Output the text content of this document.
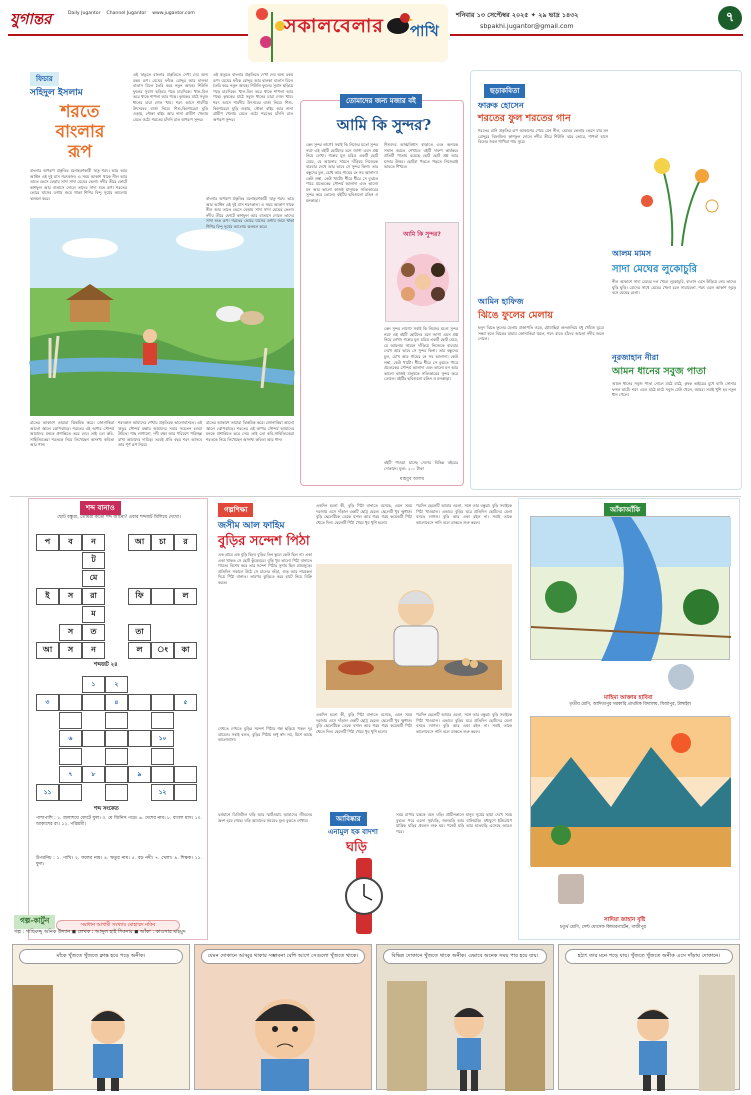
যুগান্তর	Daily Jugantor Channel Jugantor www.jugantor.com
সকালবেলার পাখি
শনিবার ১৩ সেপ্টেম্বর ২০২৫ ✦ ২৯ ভাদ্র ১৪৩২
sbpakhi.jugantor@gmail.com
৭
ফিচার
সহিদুল ইসলাম
শরতে
বাংলার
রূপ
বাংলার অপরূপ প্রকৃতির মনোহরণকারী ঋতু শরৎ। ভাদ্র আর আশ্বিন এই দুই মাস শরৎকাল। এ সময় আকাশ থাকে নীল আর তাতে ভেসে বেড়ায় সাদা সাদা মেঘের ভেলা। নদীর তীরে ফোটে কাশফুল আর বাতাসে দোলে তাদের সাদা শুভ্র রূপ। শরতের ভোরে ঘাসের ডগায় জমে থাকা শিশির বিন্দু সূর্যের আলোয় ঝলমল করে।
এই ঋতুতে বাংলার প্রকৃতিতে দেখা দেয় অন্য রকম রূপ। মেঘের ফাঁকে রোদ্দুর আর হালকা বাতাস মিলে তৈরি করে নতুন আবহ। শিউলি ফুলের সুবাস ছড়িয়ে পড়ে চারদিকে। খাল-বিল ভরে থাকে শাপলা আর পদ্মে। কৃষকের মাঠে সবুজ ধানের চারা দোল খায়। শরৎ আসে শারদীয় উৎসবের বার্তা নিয়ে। শিশু-কিশোরেরা ঘুড়ি ওড়ায়, নৌকা বাইচ আর নানা গ্রামীণ খেলায় মেতে ওঠে। শরতের চাঁদনি রাত অপরূপ সুন্দর।
এই ঋতুতে বাংলার প্রকৃতিতে দেখা দেয় অন্য রকম রূপ। মেঘের ফাঁকে রোদ্দুর আর হালকা বাতাস মিলে তৈরি করে নতুন আবহ। শিউলি ফুলের সুবাস ছড়িয়ে পড়ে চারদিকে। খাল-বিল ভরে থাকে শাপলা আর পদ্মে। কৃষকের মাঠে সবুজ ধানের চারা দোল খায়। শরৎ আসে শারদীয় উৎসবের বার্তা নিয়ে। শিশু-কিশোরেরা ঘুড়ি ওড়ায়, নৌকা বাইচ আর নানা গ্রামীণ খেলায় মেতে ওঠে। শরতের চাঁদনি রাত অপরূপ সুন্দর।
রাতের আকাশে তারারা ঝিকমিক করে। জোনাকিরা আলো জ্বালে ঝোপঝাড়ে। শরতের এই অপার সৌন্দর্য আমাদের মনকে প্রশান্তিতে ভরে দেয়। তাই তো কবি-সাহিত্যিকেরা শরতকে নিয়ে লিখেছেন অসংখ্য কবিতা আর গান।
শরৎকাল আমাদের শেখায় প্রকৃতিকে ভালোবাসতে। এই ঋতুর সৌন্দর্য রক্ষায় আমাদের সবার সচেতন হওয়া উচিত। গাছ লাগানো, নদী রক্ষা আর পরিবেশ পরিচ্ছন্ন রাখা আমাদের দায়িত্ব। তবেই প্রতি বছর শরৎ আসবে তার পূর্ণ রূপ নিয়ে।
বাংলার অপরূপ প্রকৃতির মনোহরণকারী ঋতু শরৎ। ভাদ্র আর আশ্বিন এই দুই মাস শরৎকাল। এ সময় আকাশ থাকে নীল আর তাতে ভেসে বেড়ায় সাদা সাদা মেঘের ভেলা। নদীর তীরে ফোটে কাশফুল আর বাতাসে দোলে তাদের সাদা শুভ্র রূপ। শরতের ভোরে ঘাসের ডগায় জমে থাকা শিশির বিন্দু সূর্যের আলোয় ঝলমল করে।
রাতের আকাশে তারারা ঝিকমিক করে। জোনাকিরা আলো জ্বালে ঝোপঝাড়ে। শরতের এই অপার সৌন্দর্য আমাদের মনকে প্রশান্তিতে ভরে দেয়। তাই তো কবি-সাহিত্যিকেরা শরতকে নিয়ে লিখেছেন অসংখ্য কবিতা আর গান।
তোমাদের জন্য মজার বই
আমি কি সুন্দর?
কেন সুন্দর লাগে? সবাই কি নিজের মতো সুন্দর নয়? এই বইটি ছোটদের মনে জাগা এমন প্রশ্ন নিয়ে লেখা। গল্পের মূল চরিত্র একটি ছোট মেয়ে, যে আয়নার সামনে দাঁড়িয়ে নিজেকে বারবার দেখে আর ভাবে সে সুন্দর কিনা। তার বন্ধুদের চুল, চোখ আর গায়ের রং সব আলাদা। কেউ লম্বা, কেউ খাটো। ধীরে ধীরে সে বুঝতে পারে প্রত্যেকের সৌন্দর্য আলাদা এবং ভালো মন আর ভালো কাজই মানুষকে সত্যিকারের সুন্দর করে তোলে। বইটির ছবিগুলো রঙিন ও মনকাড়া।
শিশুদের আত্মবিশ্বাস বাড়াতে এবং অন্যকে সম্মান করতে শেখাতে বইটি দারুণ কার্যকর। প্রতিটি পাতায় রয়েছে ছোট ছোট প্রশ্ন আর মজার উত্তর। ছোটরা পড়তে পড়তে নিজেরাই ভাবতে শিখবে।
আমি কি সুন্দর?
কেন সুন্দর লাগে? সবাই কি নিজের মতো সুন্দর নয়? এই বইটি ছোটদের মনে জাগা এমন প্রশ্ন নিয়ে লেখা। গল্পের মূল চরিত্র একটি ছোট মেয়ে, যে আয়নার সামনে দাঁড়িয়ে নিজেকে বারবার দেখে আর ভাবে সে সুন্দর কিনা। তার বন্ধুদের চুল, চোখ আর গায়ের রং সব আলাদা। কেউ লম্বা, কেউ খাটো। ধীরে ধীরে সে বুঝতে পারে প্রত্যেকের সৌন্দর্য আলাদা এবং ভালো মন আর ভালো কাজই মানুষকে সত্যিকারের সুন্দর করে তোলে। বইটির ছবিগুলো রঙিন ও মনকাড়া।
বইটি পাওয়া যাচ্ছে দেশের বিভিন্ন বইয়ের দোকানে। মূল্য: ২০০ টাকা
মাহবুব আলম
ছড়াকবিতা
ফারুক হোসেন
শরতের ফুল শরতের গান
শরতের রানি প্রকৃতির রূপ আকাশের পেয়ে যেন নীল, মেঘের ভেলায় ভেসে যায় মন রোদ্দুরে ঝিলমিল। কাশফুল দোলে নদীর তীরে শিউলি ঝরে ভোরে, শাপলা হাসে বিলের জলে পাখিরা গায় সুরে।
আমিন হাফিজ
ঝিঙে ফুলের মেলায়
হলুদ ঝিঙে ফুলের মেলায় প্রজাপতি ওড়ে, মৌমাছিরা গুনগুনিয়ে মধু খোঁজে ঘুরে। সন্ধ্যা হলে ঝিঙের মাচায় জোনাকিরা জ্বলে, শরৎ রাতে চাঁদের আলো নদীর জলে দোলে।
আলম মামস
সাদা মেঘের লুকোচুরি
নীল আকাশে সাদা মেঘের দল খেলে লুকোচুরি, বাতাস এসে উড়িয়ে নেয় তাদের ঘুড়ি ঘুড়ি। রোদের সাথে মেঘের খেলা চলে সারাবেলা, শরৎ এলে আকাশ জুড়ে বসে মেঘের মেলা।
নূরজাহান নীরা
আমন ধানের সবুজ পাতা
আমন ধানের সবুজ পাতা দোলে মাঠে মাঠে, কৃষক ভাইয়ের মুখে হাসি সোনার ফসল ঘাটে। শরৎ এলে মাঠে মাঠে সবুজ ঢেউ খেলে, আমরা সবাই খুশি হব নতুন ধান পেলে।
শব্দ বানাও
ছোট বন্ধুরা, তোমরা কতো শব্দ জানো? এবার শব্দজট মিলিয়ে দেখো।
প	ব	ন	আ	চা	র
ট
মে
ই	স	রা	ফি	ল
ম
স	ত	তা
আ	স	ন	ল	ং	কা
শব্দজট ২৪
১	২
৩	৪	৫
৬	১০
৭	৮	৯
১১	১২
শব্দ সংকেত
পাশাপাশি : ১. জলাশয়ে ফোটে ফুল। ৩. যে জিনিস পড়ে। ৬. দেশের নাম। ৮. বাংলা মাস। ১০. আকাশের রং। ১২. পরিশ্রমী।
উপরনিচ : ১. পাখি। ২. ফলের নাম। ৪. ঋতুর নাম। ৫. বড় নদী। ৭. খেলা। ৯. শিক্ষক। ১১. ফুল।
সমাধান আগামী সংখ্যায় মোহাম্মদ নকিব
গল্পশিক্ষা
জসীম আল ফাহিম
বুড়ির সন্দেশ পিঠা
এক গ্রামে এক বুড়ি ছিল। বুড়ির তিন কুলে কেউ ছিল না। একা একা থাকত সে ছোট কুঁড়েঘরে। বুড়ি খুব ভালো পিঠা বানাতে পারত। বিশেষ করে তার সন্দেশ পিঠার সুনাম ছিল গ্রামজুড়ে। প্রতিদিন সকালে উঠে সে চালের গুঁড়া, গুড় আর নারকেল দিয়ে পিঠা বানাত। তারপর ঝুড়িতে করে হাটে নিয়ে বিক্রি করত।
একদিন হলো কী, বুড়ি পিঠা বানাতে বসেছে, এমন সময় দরজায় এসে দাঁড়াল একটি ছোট্ট ছেলে। ছেলেটি খুব ক্ষুধার্ত। বুড়ি ছেলেটিকে ডেকে বসাল আর গরম গরম কয়েকটি পিঠা খেতে দিল। ছেলেটি পিঠা খেয়ে খুব খুশি হলো।
পরদিন ছেলেটি আবার এলো, সঙ্গে তার বন্ধুরা। বুড়ি সবাইকে পিঠা খাওয়াল। এভাবে বুড়ির ঘরে প্রতিদিন ছোটদের মেলা বসতে লাগল। বুড়ি আর একা রইল না। সবাই তাকে ভালোবেসে নানি বলে ডাকতে শুরু করল।
দেখতে দেখতে বুড়ির সন্দেশ পিঠার গল্প ছড়িয়ে পড়ল দূর গ্রামেও। সবাই বলত, বুড়ির পিঠায় শুধু স্বাদ নয়, মিশে আছে ভালোবাসা।
একদিন হলো কী, বুড়ি পিঠা বানাতে বসেছে, এমন সময় দরজায় এসে দাঁড়াল একটি ছোট্ট ছেলে। ছেলেটি খুব ক্ষুধার্ত। বুড়ি ছেলেটিকে ডেকে বসাল আর গরম গরম কয়েকটি পিঠা খেতে দিল। ছেলেটি পিঠা খেয়ে খুব খুশি হলো।
পরদিন ছেলেটি আবার এলো, সঙ্গে তার বন্ধুরা। বুড়ি সবাইকে পিঠা খাওয়াল। এভাবে বুড়ির ঘরে প্রতিদিন ছোটদের মেলা বসতে লাগল। বুড়ি আর একা রইল না। সবাই তাকে ভালোবেসে নানি বলে ডাকতে শুরু করল।
বর্তমানে ডিজিটাল ঘড়ি আর স্মার্টওয়াচ আমাদের জীবনের অংশ হয়ে গেছে। ঘড়ি আমাদের সময়ের মূল্য বুঝতে শেখায়।	আবিষ্কার
এনামুল হক বাদশা
ঘড়ি
সময় মাপার যন্ত্রকে বলে ঘড়ি। প্রাচীনকালে মানুষ সূর্যের ছায়া দেখে সময় বুঝত। পরে এলো সূর্যঘড়ি, জলঘড়ি আর বালিঘড়ি। মধ্যযুগে ইউরোপে যান্ত্রিক ঘড়ির প্রচলন শুরু হয়। পকেট ঘড়ি আর হাতঘড়ি এসেছে আরও পরে।
আঁকাআঁকি
মাহিমা আক্তার হাবিবা
তৃতীয় শ্রেণি, আদিত্যপুর সরকারি প্রাথমিক বিদ্যালয়, মির্জাপুর, টাঙ্গাইল
সাদিয়া জাহান বৃষ্টি
চতুর্থ শ্রেণি, সেন্ট যোসেফ কিন্ডারগার্টেন, গাজীপুর
গল্প-কার্টুন
গল্প : গাছিরুদ্দু অনিক উদ্যান ◼ লেখক : আব্দুল হাই শিকদার ◼ আঁকা : কাওসার মাহমুদ
মাঁকে খুঁজতে খুঁজতে ক্লান্ত হয়ে পড়ে অনীক।	যেমন দোকানে আব্বুর থাকার সম্ভাবনা বেশি আগে সেগুলো খুঁজতে থাকে।	বিভিন্ন দোকানে খুঁজতে থাকে অনীক। এভাবে অনেক সময় পার হয়ে যায়।	হঠাৎ তার মনে পড়ে যায়। খুঁজতে খুঁজতে অনীক এসে দাঁড়ায় দোকানে।
